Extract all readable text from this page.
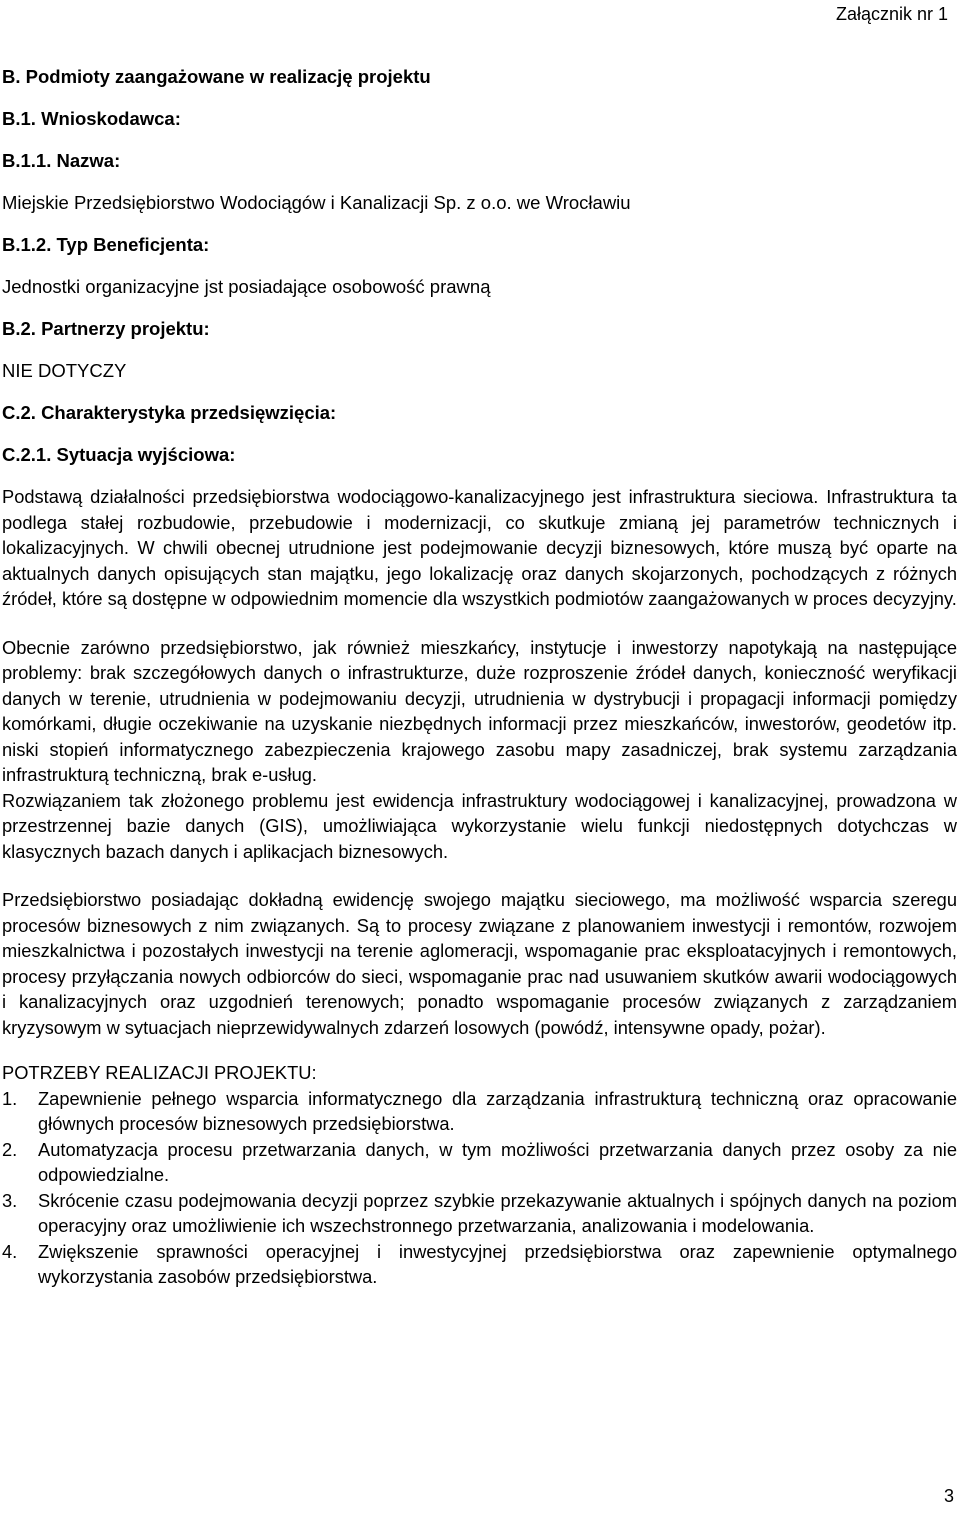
Załącznik nr 1
B. Podmioty zaangażowane w realizację projektu
B.1. Wnioskodawca:
B.1.1. Nazwa:
Miejskie Przedsiębiorstwo Wodociągów i Kanalizacji Sp. z o.o. we Wrocławiu
B.1.2. Typ Beneficjenta:
Jednostki organizacyjne jst posiadające osobowość prawną
B.2. Partnerzy projektu:
NIE DOTYCZY
C.2. Charakterystyka przedsięwzięcia:
C.2.1. Sytuacja wyjściowa:

Podstawą działalności przedsiębiorstwa wodociągowo-kanalizacyjnego jest infrastruktura sieciowa. Infrastruktura ta podlega stałej rozbudowie, przebudowie i modernizacji, co skutkuje zmianą jej parametrów technicznych i lokalizacyjnych. W chwili obecnej utrudnione jest podejmowanie decyzji biznesowych, które muszą być oparte na aktualnych danych opisujących stan majątku, jego lokalizację oraz danych skojarzonych, pochodzących z różnych źródeł, które są dostępne w odpowiednim momencie dla wszystkich podmiotów zaangażowanych w proces decyzyjny.

Obecnie zarówno przedsiębiorstwo, jak również mieszkańcy, instytucje i inwestorzy napotykają na następujące problemy: brak szczegółowych danych o infrastrukturze, duże rozproszenie źródeł danych, konieczność weryfikacji danych w terenie, utrudnienia w podejmowaniu decyzji, utrudnienia w dystrybucji i propagacji informacji pomiędzy komórkami, długie oczekiwanie na uzyskanie niezbędnych informacji przez mieszkańców, inwestorów, geodetów itp. niski stopień informatycznego zabezpieczenia krajowego zasobu mapy zasadniczej, brak systemu zarządzania infrastrukturą techniczną, brak e-usług.

Rozwiązaniem tak złożonego problemu jest ewidencja infrastruktury wodociągowej i kanalizacyjnej, prowadzona w przestrzennej bazie danych (GIS), umożliwiająca wykorzystanie wielu funkcji niedostępnych dotychczas w klasycznych bazach danych i aplikacjach biznesowych.

Przedsiębiorstwo posiadając dokładną ewidencję swojego majątku sieciowego, ma możliwość wsparcia szeregu procesów biznesowych z nim związanych. Są to procesy związane z planowaniem inwestycji i remontów, rozwojem mieszkalnictwa i pozostałych inwestycji na terenie aglomeracji, wspomaganie prac eksploatacyjnych i remontowych, procesy przyłączania nowych odbiorców do sieci, wspomaganie prac nad usuwaniem skutków awarii wodociągowych i kanalizacyjnych oraz uzgodnień terenowych; ponadto wspomaganie procesów związanych z zarządzaniem kryzysowym w sytuacjach nieprzewidywalnych zdarzeń losowych (powódź, intensywne opady, pożar).

POTRZEBY REALIZACJI PROJEKTU:
1.	Zapewnienie pełnego wsparcia informatycznego dla zarządzania infrastrukturą techniczną oraz opracowanie głównych procesów biznesowych przedsiębiorstwa.
2.	Automatyzacja procesu przetwarzania danych, w tym możliwości przetwarzania danych przez osoby za nie odpowiedzialne.
3.	Skrócenie czasu podejmowania decyzji poprzez szybkie przekazywanie aktualnych i spójnych danych na poziom operacyjny oraz umożliwienie ich wszechstronnego przetwarzania, analizowania i modelowania.
4.	Zwiększenie sprawności operacyjnej i inwestycyjnej przedsiębiorstwa oraz zapewnienie optymalnego wykorzystania zasobów przedsiębiorstwa.
3
